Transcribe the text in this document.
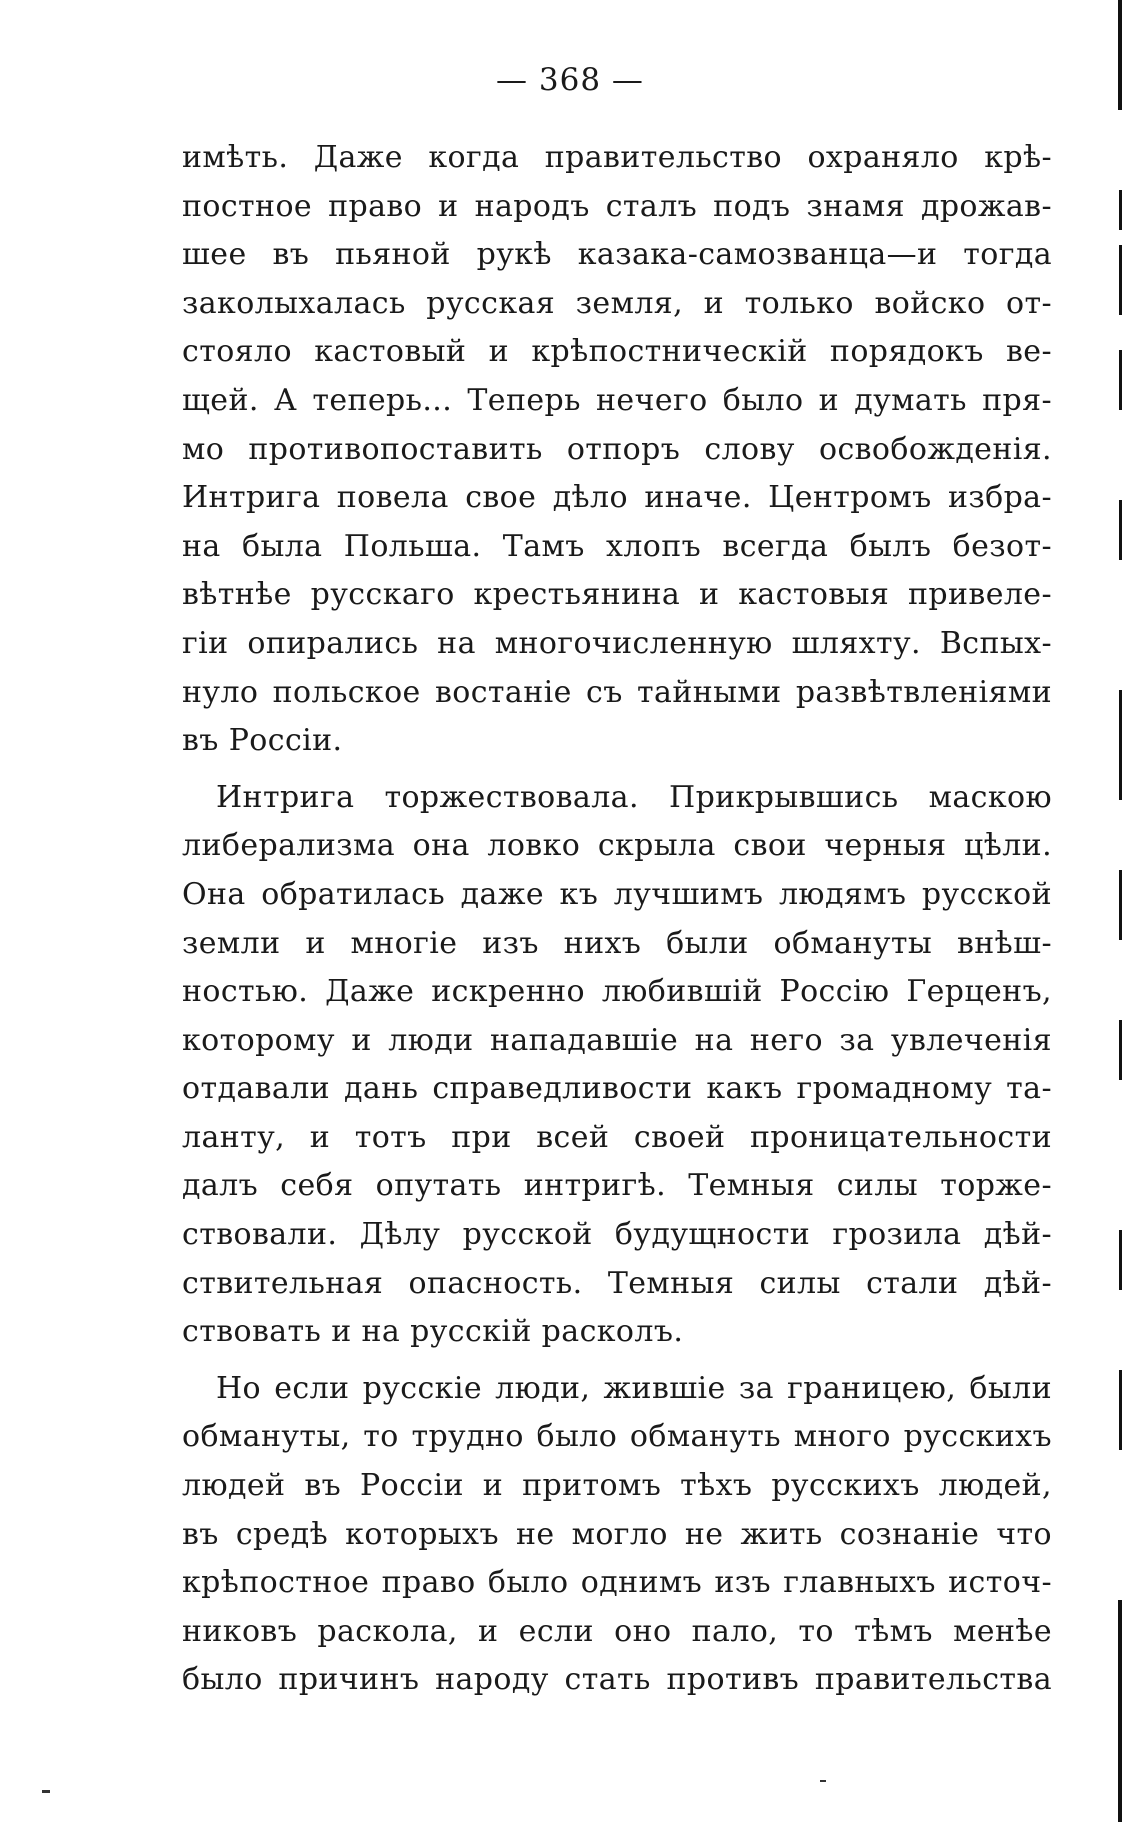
— 368 —
имѣть. Даже когда правительство охраняло крѣ-
постное право и народъ сталъ подъ знамя дрожав-
шее въ пьяной рукѣ казака-самозванца—и тогда
заколыхалась русская земля, и только войско от-
стояло кастовый и крѣпостническій порядокъ ве-
щей. А теперь... Теперь нечего было и думать пря-
мо противопоставить отпоръ слову освобожденія.
Интрига повела свое дѣло иначе. Центромъ избра-
на была Польша. Тамъ хлопъ всегда былъ безот-
вѣтнѣе русскаго крестьянина и кастовыя привеле-
гіи опирались на многочисленную шляхту. Вспых-
нуло польское востаніе съ тайными развѣтвленіями
въ Россіи.
Интрига торжествовала. Прикрывшись маскою
либерализма она ловко скрыла свои черныя цѣли.
Она обратилась даже къ лучшимъ людямъ русской
земли и многіе изъ нихъ были обмануты внѣш-
ностью. Даже искренно любившій Россію Герценъ,
которому и люди нападавшіе на него за увлеченія
отдавали дань справедливости какъ громадному та-
ланту, и тотъ при всей своей проницательности
далъ себя опутать интригѣ. Темныя силы торже-
ствовали. Дѣлу русской будущности грозила дѣй-
ствительная опасность. Темныя силы стали дѣй-
ствовать и на русскій расколъ.
Но если русскіе люди, жившіе за границею, были
обмануты, то трудно было обмануть много русскихъ
людей въ Россіи и притомъ тѣхъ русскихъ людей,
въ средѣ которыхъ не могло не жить сознаніе что
крѣпостное право было однимъ изъ главныхъ источ-
никовъ раскола, и если оно пало, то тѣмъ менѣе
было причинъ народу стать противъ правительства
